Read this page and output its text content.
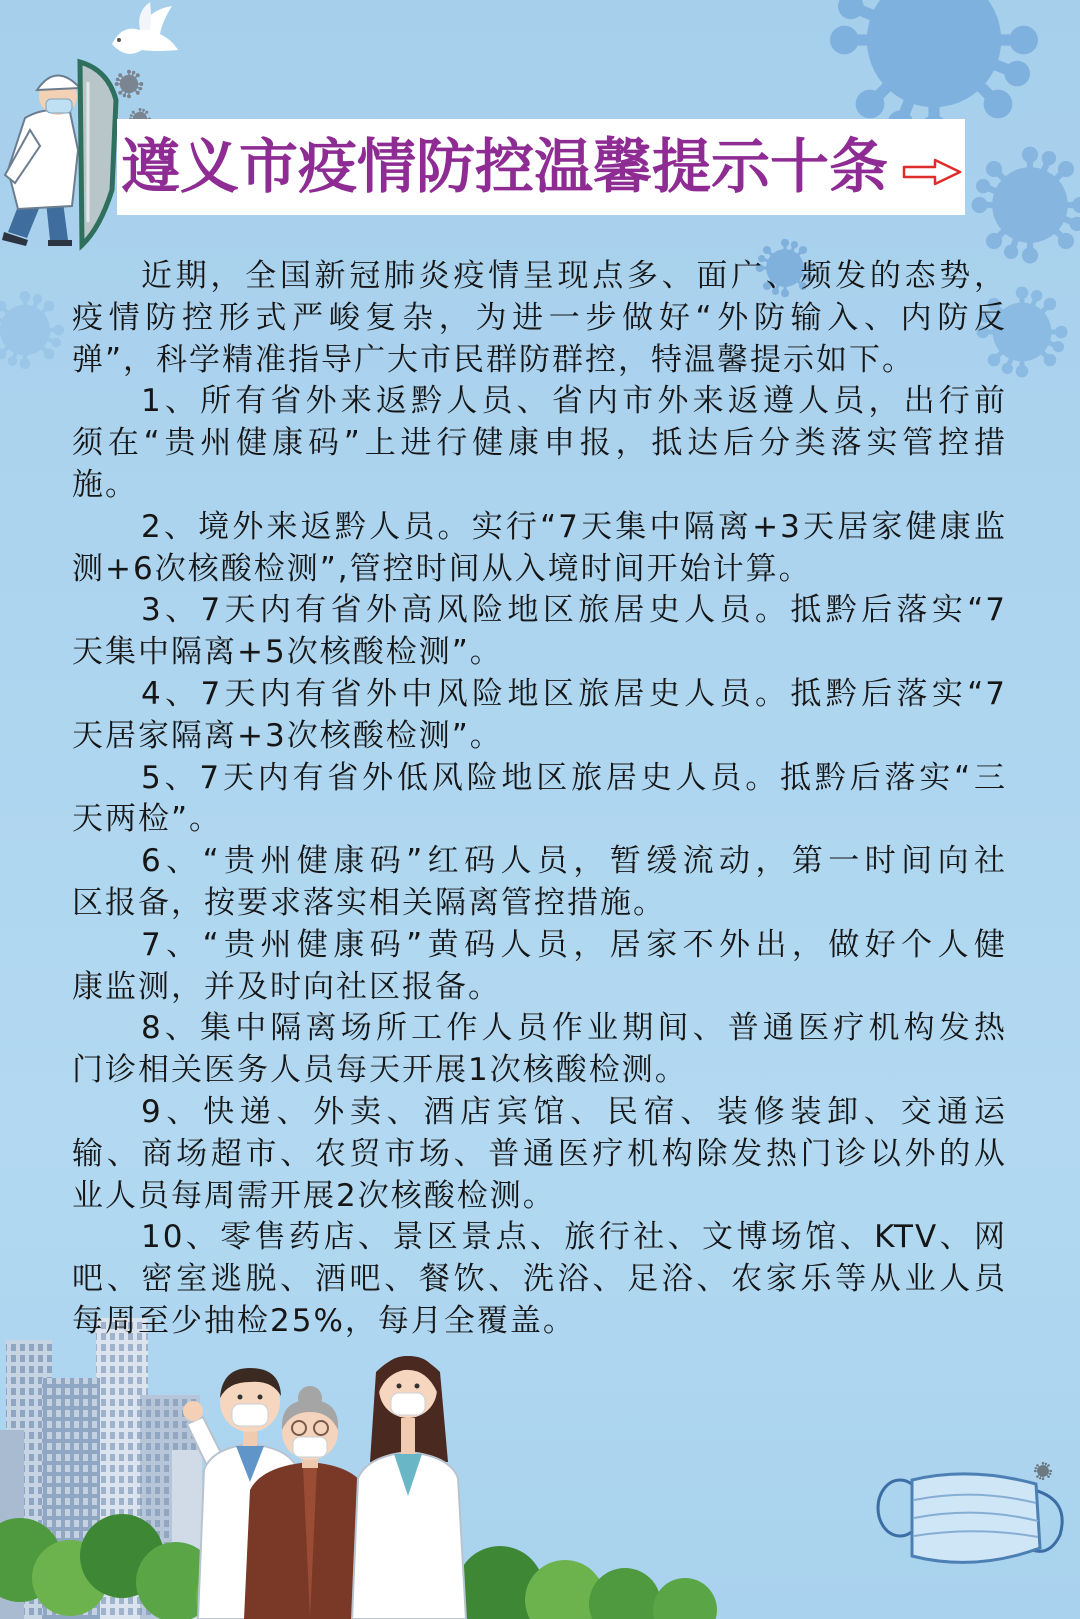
遵义市疫情防控温馨提示十条
近期，全国新冠肺炎疫情呈现点多、面广、频发的态势，
疫情防控形式严峻复杂，为进一步做好“外防输入、内防反
弹”，科学精准指导广大市民群防群控，特温馨提示如下。
1、所有省外来返黔人员、省内市外来返遵人员，出行前
须在“贵州健康码”上进行健康申报，抵达后分类落实管控措
施。
2、境外来返黔人员。实行“7天集中隔离+3天居家健康监
测+6次核酸检测”,管控时间从入境时间开始计算。
3、7天内有省外高风险地区旅居史人员。抵黔后落实“7
天集中隔离+5次核酸检测”。
4、7天内有省外中风险地区旅居史人员。抵黔后落实“7
天居家隔离+3次核酸检测”。
5、7天内有省外低风险地区旅居史人员。抵黔后落实“三
天两检”。
6、“贵州健康码”红码人员，暂缓流动，第一时间向社
区报备，按要求落实相关隔离管控措施。
7、“贵州健康码”黄码人员，居家不外出，做好个人健
康监测，并及时向社区报备。
8、集中隔离场所工作人员作业期间、普通医疗机构发热
门诊相关医务人员每天开展1次核酸检测。
9、快递、外卖、酒店宾馆、民宿、装修装卸、交通运
输、商场超市、农贸市场、普通医疗机构除发热门诊以外的从
业人员每周需开展2次核酸检测。
10、零售药店、景区景点、旅行社、文博场馆、KTV、网
吧、密室逃脱、酒吧、餐饮、洗浴、足浴、农家乐等从业人员
每周至少抽检25%，每月全覆盖。
